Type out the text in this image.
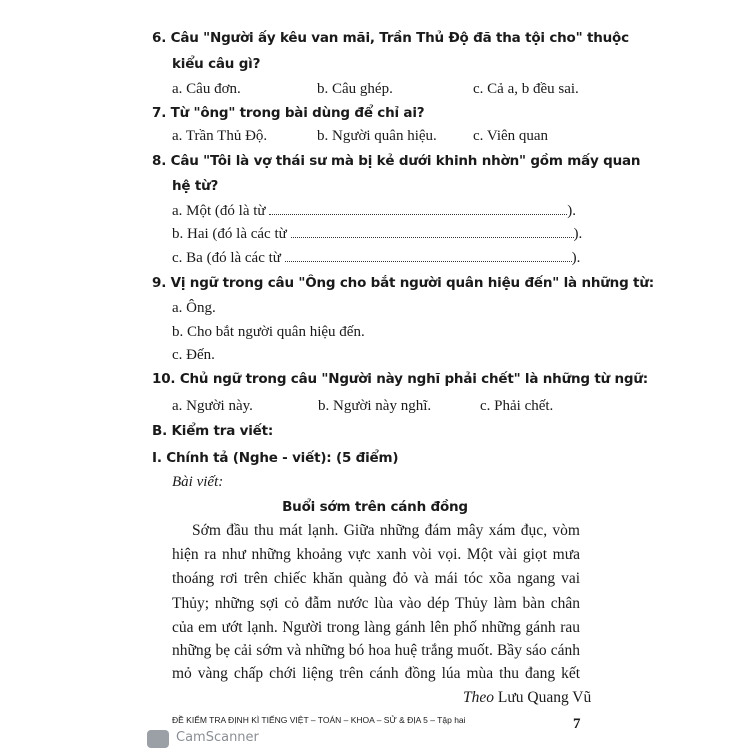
6. Câu "Người ấy kêu van mãi, Trần Thủ Độ đã tha tội cho" thuộc
kiểu câu gì?
a. Câu đơn.	b. Câu ghép.	c. Cả a, b đều sai.
7. Từ "ông" trong bài dùng để chỉ ai?
a. Trần Thủ Độ.	b. Người quân hiệu. c. Viên quan
8. Câu "Tôi là vợ thái sư mà bị kẻ dưới khinh nhờn" gồm mấy quan
hệ từ?
a. Một (đó là từ	).
b. Hai (đó là các từ	).
c. Ba (đó là các từ	).
9. Vị ngữ trong câu "Ông cho bắt người quân hiệu đến" là những từ:
a. Ông.
b. Cho bắt người quân hiệu đến.
c. Đến.
10. Chủ ngữ trong câu "Người này nghĩ phải chết" là những từ ngữ:
a. Người này.	b. Người này nghĩ.	c. Phải chết.
B. Kiểm tra viết:
I. Chính tả (Nghe - viết): (5 điểm)
Bài viết:
Buổi sớm trên cánh đồng
Sớm đầu thu mát lạnh. Giữa những đám mây xám đục, vòm
hiện ra như những khoảng vực xanh vòi vọi. Một vài giọt mưa
thoáng rơi trên chiếc khăn quàng đỏ và mái tóc xõa ngang vai
Thủy; những sợi cỏ đẫm nước lùa vào dép Thủy làm bàn chân
của em ướt lạnh. Người trong làng gánh lên phố những gánh rau
những bẹ cải sớm và những bó hoa huệ trắng muốt. Bầy sáo cánh
mỏ vàng chấp chới liệng trên cánh đồng lúa mùa thu đang kết
Theo Lưu Quang Vũ
ĐỀ KIỂM TRA ĐỊNH KÌ TIẾNG VIỆT – TOÁN – KHOA – SỬ & ĐỊA 5 – Tập hai	7
CamScanner
